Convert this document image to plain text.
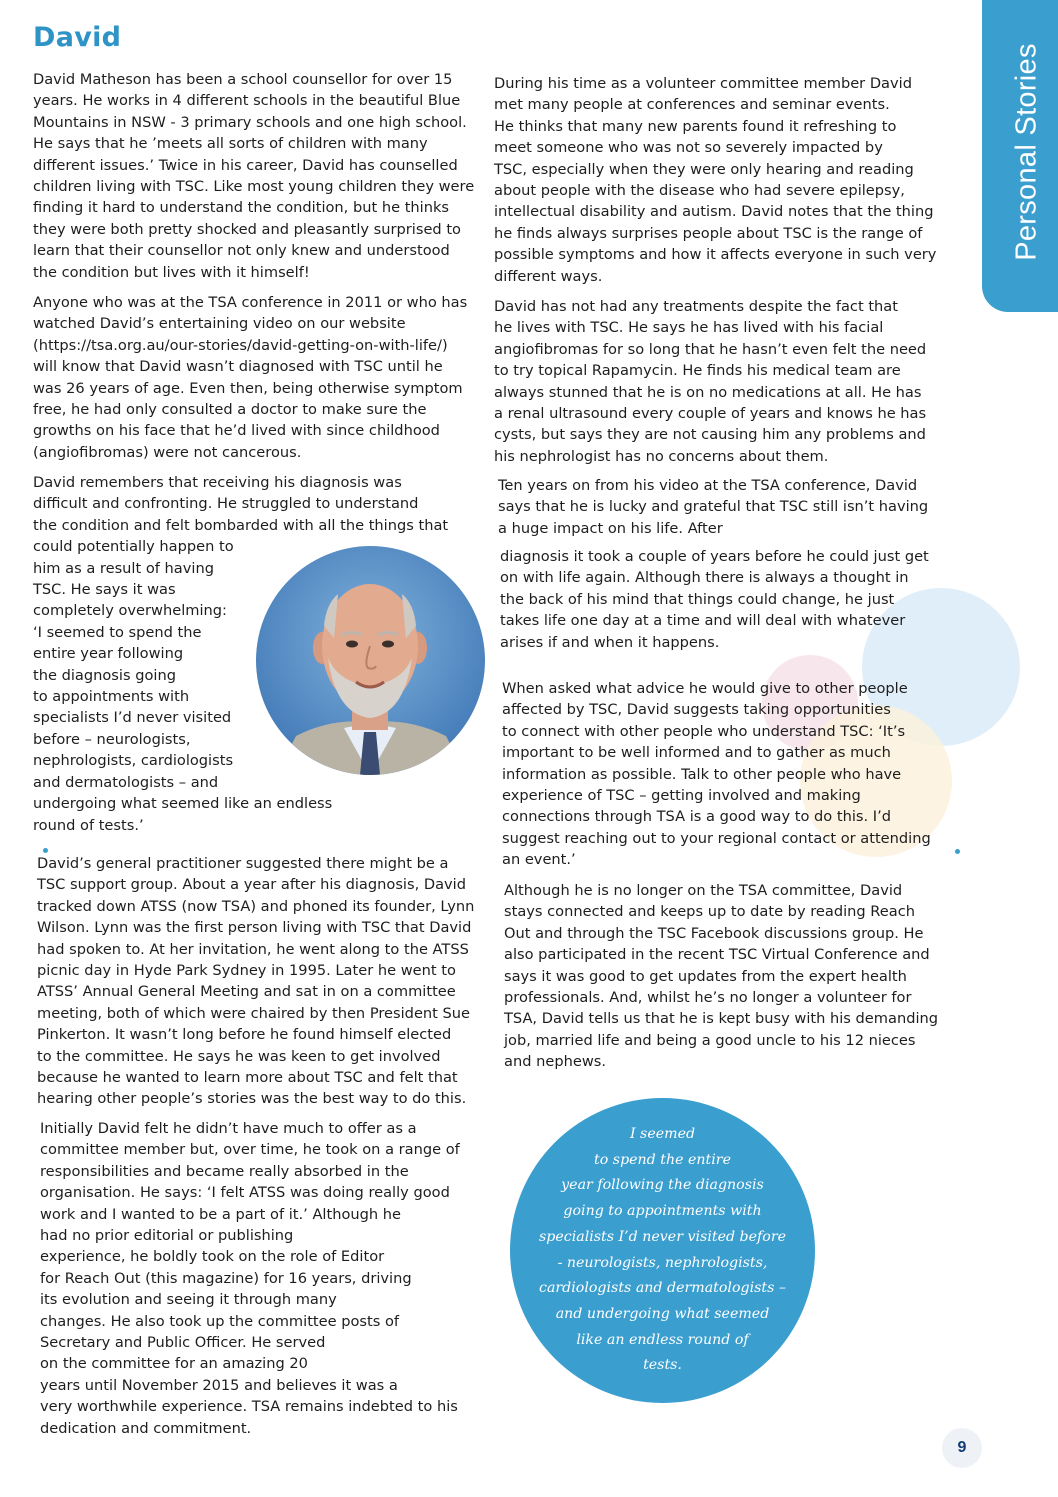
Personal Stories
David
David Matheson has been a school counsellor for over 15
years. He works in 4 different schools in the beautiful Blue
Mountains in NSW - 3 primary schools and one high school.
He says that he ’meets all sorts of children with many
different issues.’ Twice in his career, David has counselled
children living with TSC. Like most young children they were
finding it hard to understand the condition, but he thinks
they were both pretty shocked and pleasantly surprised to
learn that their counsellor not only knew and understood
the condition but lives with it himself!
Anyone who was at the TSA conference in 2011 or who has
watched David’s entertaining video on our website
(https://tsa.org.au/our-stories/david-getting-on-with-life/)
will know that David wasn’t diagnosed with TSC until he
was 26 years of age. Even then, being otherwise symptom
free, he had only consulted a doctor to make sure the
growths on his face that he’d lived with since childhood
(angiofibromas) were not cancerous.
David remembers that receiving his diagnosis was
difficult and confronting. He struggled to understand
the condition and felt bombarded with all the things that
could potentially happen to
him as a result of having
TSC. He says it was
completely overwhelming:
‘I seemed to spend the
entire year following
the diagnosis going
to appointments with
specialists I’d never visited
before – neurologists,
nephrologists, cardiologists
and dermatologists – and
undergoing what seemed like an endless
round of tests.’
David’s general practitioner suggested there might be a
TSC support group. About a year after his diagnosis, David
tracked down ATSS (now TSA) and phoned its founder, Lynn
Wilson. Lynn was the first person living with TSC that David
had spoken to. At her invitation, he went along to the ATSS
picnic day in Hyde Park Sydney in 1995. Later he went to
ATSS’ Annual General Meeting and sat in on a committee
meeting, both of which were chaired by then President Sue
Pinkerton. It wasn’t long before he found himself elected
to the committee. He says he was keen to get involved
because he wanted to learn more about TSC and felt that
hearing other people’s stories was the best way to do this.
Initially David felt he didn’t have much to offer as a
committee member but, over time, he took on a range of
responsibilities and became really absorbed in the
organisation. He says: ‘I felt ATSS was doing really good
work and I wanted to be a part of it.’ Although he
had no prior editorial or publishing
experience, he boldly took on the role of Editor
for Reach Out (this magazine) for 16 years, driving
its evolution and seeing it through many
changes. He also took up the committee posts of
Secretary and Public Officer. He served
on the committee for an amazing 20
years until November 2015 and believes it was a
very worthwhile experience. TSA remains indebted to his
dedication and commitment.
During his time as a volunteer committee member David
met many people at conferences and seminar events.
He thinks that many new parents found it refreshing to
meet someone who was not so severely impacted by
TSC, especially when they were only hearing and reading
about people with the disease who had severe epilepsy,
intellectual disability and autism. David notes that the thing
he finds always surprises people about TSC is the range of
possible symptoms and how it affects everyone in such very
different ways.
David has not had any treatments despite the fact that
he lives with TSC. He says he has lived with his facial
angiofibromas for so long that he hasn’t even felt the need
to try topical Rapamycin. He finds his medical team are
always stunned that he is on no medications at all. He has
a renal ultrasound every couple of years and knows he has
cysts, but says they are not causing him any problems and
his nephrologist has no concerns about them.
Ten years on from his video at the TSA conference, David
says that he is lucky and grateful that TSC still isn’t having
a huge impact on his life. After
diagnosis it took a couple of years before he could just get
on with life again. Although there is always a thought in
the back of his mind that things could change, he just
takes life one day at a time and will deal with whatever
arises if and when it happens.
When asked what advice he would give to other people
affected by TSC, David suggests taking opportunities
to connect with other people who understand TSC: ‘It’s
important to be well informed and to gather as much
information as possible. Talk to other people who have
experience of TSC – getting involved and making
connections through TSA is a good way to do this. I’d
suggest reaching out to your regional contact or attending
an event.’
Although he is no longer on the TSA committee, David
stays connected and keeps up to date by reading Reach
Out and through the TSC Facebook discussions group. He
also participated in the recent TSC Virtual Conference and
says it was good to get updates from the expert health
professionals. And, whilst he’s no longer a volunteer for
TSA, David tells us that he is kept busy with his demanding
job, married life and being a good uncle to his 12 nieces
and nephews.
I seemed
to spend the entire
year following the diagnosis
going to appointments with
specialists I’d never visited before
- neurologists, nephrologists,
cardiologists and dermatologists –
and undergoing what seemed
like an endless round of
tests.
9
